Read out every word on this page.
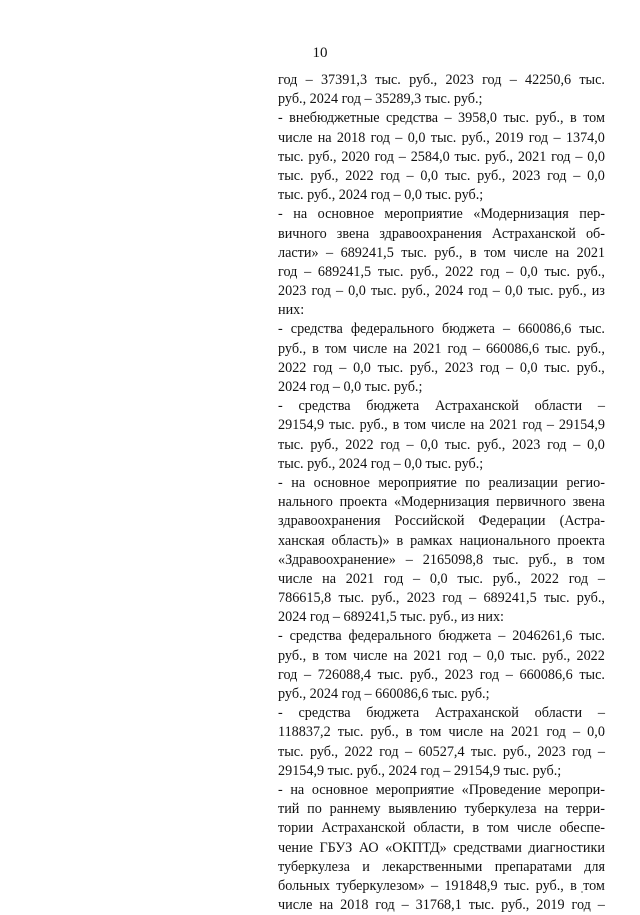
10
год – 37391,3 тыс. руб., 2023 год – 42250,6 тыс.
руб., 2024 год – 35289,3 тыс. руб.;
- внебюджетные средства – 3958,0 тыс. руб., в том
числе на 2018 год – 0,0 тыс. руб., 2019 год – 1374,0
тыс. руб., 2020 год – 2584,0 тыс. руб., 2021 год – 0,0
тыс. руб., 2022 год – 0,0 тыс. руб., 2023 год – 0,0
тыс. руб., 2024 год – 0,0 тыс. руб.;
- на основное мероприятие «Модернизация пер-
вичного звена здравоохранения Астраханской об-
ласти» – 689241,5 тыс. руб., в том числе на 2021
год – 689241,5 тыс. руб., 2022 год – 0,0 тыс. руб.,
2023 год – 0,0 тыс. руб., 2024 год – 0,0 тыс. руб., из
них:
- средства федерального бюджета – 660086,6 тыс.
руб., в том числе на 2021 год – 660086,6 тыс. руб.,
2022 год – 0,0 тыс. руб., 2023 год – 0,0 тыс. руб.,
2024 год – 0,0 тыс. руб.;
- средства бюджета Астраханской области –
29154,9 тыс. руб., в том числе на 2021 год – 29154,9
тыс. руб., 2022 год – 0,0 тыс. руб., 2023 год – 0,0
тыс. руб., 2024 год – 0,0 тыс. руб.;
- на основное мероприятие по реализации регио-
нального проекта «Модернизация первичного звена
здравоохранения Российской Федерации (Астра-
ханская область)» в рамках национального проекта
«Здравоохранение» – 2165098,8 тыс. руб., в том
числе на 2021 год – 0,0 тыс. руб., 2022 год –
786615,8 тыс. руб., 2023 год – 689241,5 тыс. руб.,
2024 год – 689241,5 тыс. руб., из них:
- средства федерального бюджета – 2046261,6 тыс.
руб., в том числе на 2021 год – 0,0 тыс. руб., 2022
год – 726088,4 тыс. руб., 2023 год – 660086,6 тыс.
руб., 2024 год – 660086,6 тыс. руб.;
- средства бюджета Астраханской области –
118837,2 тыс. руб., в том числе на 2021 год – 0,0
тыс. руб., 2022 год – 60527,4 тыс. руб., 2023 год –
29154,9 тыс. руб., 2024 год – 29154,9 тыс. руб.;
- на основное мероприятие «Проведение меропри-
тий по раннему выявлению туберкулеза на терри-
тории Астраханской области, в том числе обеспе-
чение ГБУЗ АО «ОКПТД» средствами диагностики
туберкулеза и лекарственными препаратами для
больных туберкулезом» – 191848,9 тыс. руб., в том
числе на 2018 год – 31768,1 тыс. руб., 2019 год –
